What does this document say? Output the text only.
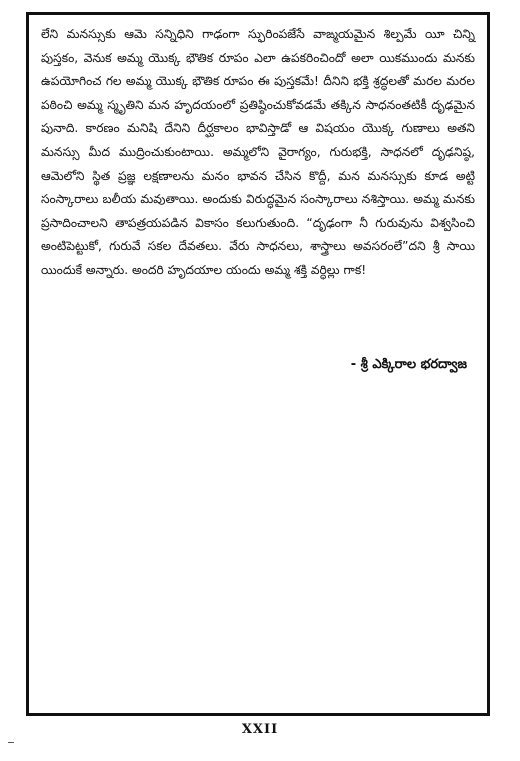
లేని మనస్సుకు ఆమె సన్నిధిని గాఢంగా స్ఫురింపజేసే వాఙ్మయమైన శిల్పమే యీ చిన్ని పుస్తకం, వెనుక అమ్మ యొక్క భౌతిక రూపం ఎలా ఉపకరించిందో అలా యికముందు మనకు ఉపయోగించ గల అమ్మ యొక్క భౌతిక రూపం ఈ పుస్తకమే! దీనిని భక్తి శ్రద్ధలతో మరల మరల పఠించి అమ్మ స్మృతిని మన హృదయంలో ప్రతిష్ఠించుకోవడమే తక్కిన సాధనంతటికీ దృఢమైన పునాది. కారణం మనిషి దేనిని దీర్ఘకాలం భావిస్తాడో ఆ విషయం యొక్క గుణాలు అతని మనస్సు మీద ముద్రించుకుంటాయి. అమ్మలోని వైరాగ్యం, గురుభక్తి, సాధనలో దృఢనిష్ఠ, ఆమెలోని స్థిత ప్రజ్ఞ లక్షణాలను మనం భావన చేసిన కొద్దీ, మన మనస్సుకు కూడ అట్టి సంస్కారాలు బలీయ మవుతాయి. అందుకు విరుద్ధమైన సంస్కారాలు నశిస్తాయి. అమ్మ మనకు ప్రసాదించాలని తాపత్రయపడిన వికాసం కలుగుతుంది. “దృఢంగా నీ గురువును విశ్వసించి అంటిపెట్టుకో, గురువే సకల దేవతలు. వేరు సాధనలు, శాస్త్రాలు అవసరంలే”దని శ్రీ సాయి యిందుకే అన్నారు. అందరి హృదయాల యందు అమ్మ శక్తి వర్ధిల్లు గాక!

- శ్రీ ఎక్కిరాల భరద్వాజ

XXII
